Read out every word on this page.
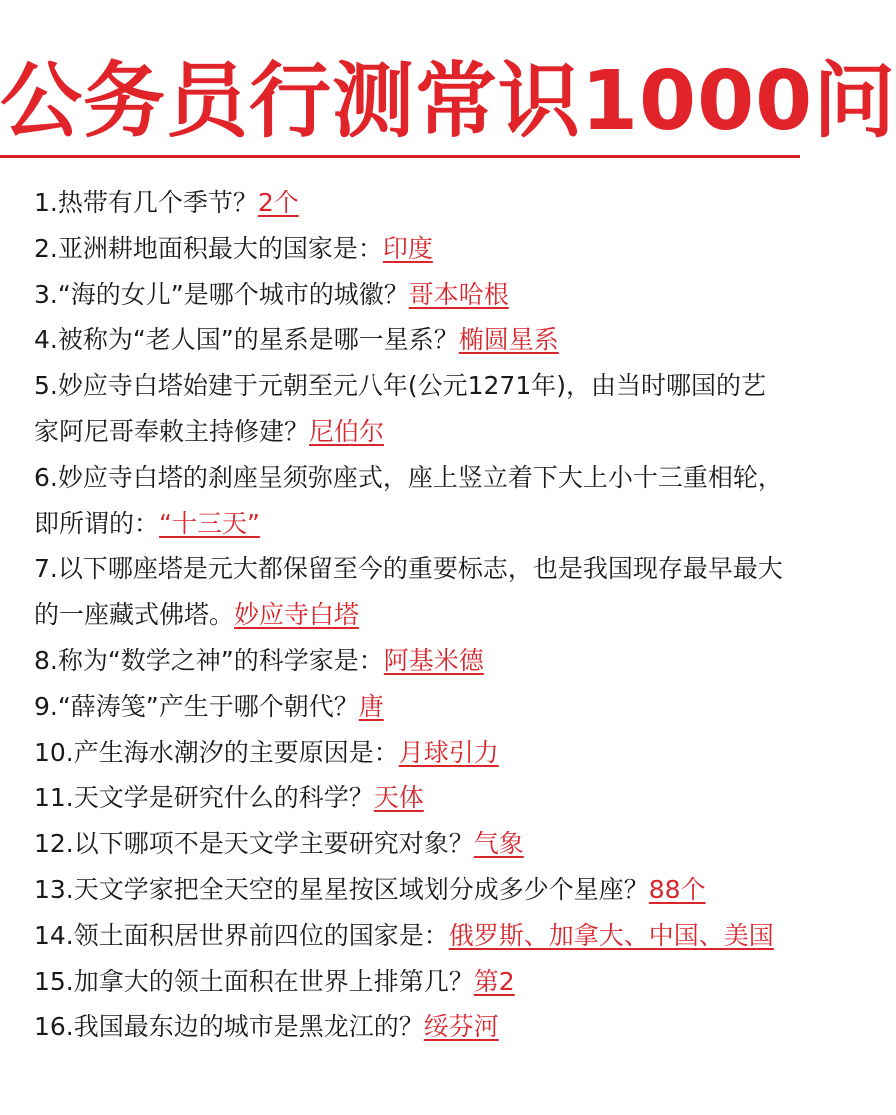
公务员行测常识1000问

1.热带有几个季节？2个

2.亚洲耕地面积最大的国家是：印度

3.“海的女儿”是哪个城市的城徽？哥本哈根

4.被称为“老人国”的星系是哪一星系？椭圆星系

5.妙应寺白塔始建于元朝至元八年(公元1271年)，由当时哪国的艺家阿尼哥奉敕主持修建？尼伯尔

6.妙应寺白塔的刹座呈须弥座式，座上竖立着下大上小十三重相轮，即所谓的：“十三天”

7.以下哪座塔是元大都保留至今的重要标志，也是我国现存最早最大的一座藏式佛塔。妙应寺白塔

8.称为“数学之神”的科学家是：阿基米德

9.“薛涛笺”产生于哪个朝代？唐

10.产生海水潮汐的主要原因是：月球引力

11.天文学是研究什么的科学？天体

12.以下哪项不是天文学主要研究对象？气象

13.天文学家把全天空的星星按区域划分成多少个星座？88个

14.领土面积居世界前四位的国家是：俄罗斯、加拿大、中国、美国

15.加拿大的领土面积在世界上排第几？第2

16.我国最东边的城市是黑龙江的？绥芬河
